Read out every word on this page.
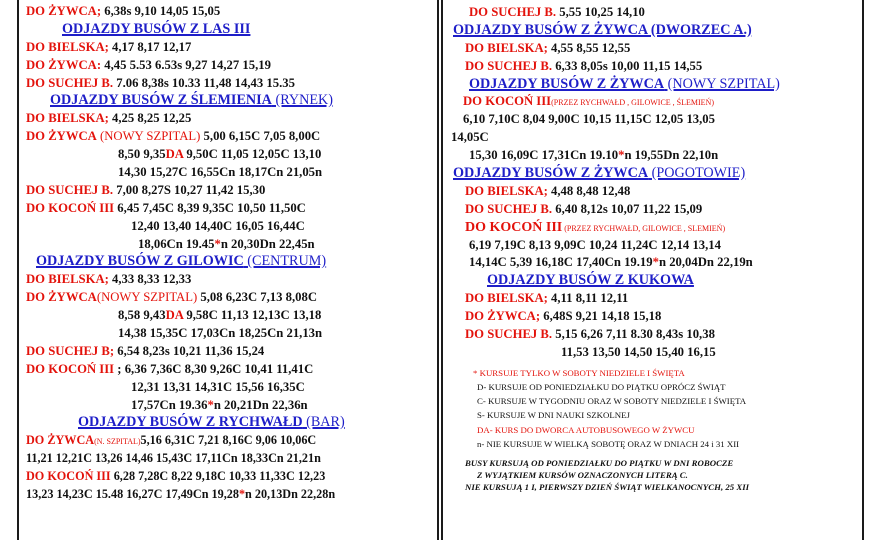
DO ŻYWCA; 6,38s 9,10 14,05 15,05
ODJAZDY BUSÓW Z LAS III
DO BIELSKA; 4,17 8,17 12,17
DO ŻYWCA: 4,45 5.53 6.53s 9,27 14,27 15,19
DO SUCHEJ B. 7.06 8,38s 10.33 11,48 14,43 15.35
ODJAZDY BUSÓW Z ŚLEMIENIA (RYNEK)
DO BIELSKA; 4,25 8,25 12,25
DO ŻYWCA (NOWY SZPITAL) 5,00 6,15C 7,05 8,00C
8,50 9,35DA 9,50C 11,05 12,05C 13,10
14,30 15,27C 16,55Cn 18,17Cn 21,05n
DO SUCHEJ B. 7,00 8,27S 10,27 11,42 15,30
DO KOCOŃ III 6,45 7,45C 8,39 9,35C 10,50 11,50C
12,40 13,40 14,40C 16,05 16,44C
18,06Cn 19.45*n 20,30Dn 22,45n
ODJAZDY BUSÓW Z GILOWIC (CENTRUM)
DO BIELSKA; 4,33 8,33 12,33
DO ŻYWCA(NOWY SZPITAL) 5,08 6,23C 7,13 8,08C
8,58 9,43DA 9,58C 11,13 12,13C 13,18
14,38 15,35C 17,03Cn 18,25Cn 21,13n
DO SUCHEJ B; 6,54 8,23s 10,21 11,36 15,24
DO KOCOŃ III ; 6,36 7,36C 8,30 9,26C 10,41 11,41C
12,31 13,31 14,31C 15,56 16,35C
17,57Cn 19.36*n 20,21Dn 22,36n
ODJAZDY BUSÓW Z RYCHWAŁD (BAR)
DO ŻYWCA(N. SZPITAL)5,16 6,31C 7,21 8,16C 9,06 10,06C
11,21 12,21C 13,26 14,46 15,43C 17,11Cn 18,33Cn 21,21n
DO KOCOŃ III 6,28 7,28C 8,22 9,18C 10,33 11,33C 12,23
13,23 14,23C 15.48 16,27C 17,49Cn 19,28*n 20,13Dn 22,28n
DO SUCHEJ B. 5,55 10,25 14,10
ODJAZDY BUSÓW Z ŻYWCA (DWORZEC A.)
DO BIELSKA; 4,55 8,55 12,55
DO SUCHEJ B. 6,33 8,05s 10,00 11,15 14,55
ODJAZDY BUSÓW Z ŻYWCA (NOWY SZPITAL)
DO KOCOŃ III(PRZEZ RYCHWAŁD , GILOWICE , ŚLEMIEŃ)
6,10 7,10C 8,04 9,00C 10,15 11,15C 12,05 13,05
14,05C
15,30 16,09C 17,31Cn 19.10*n 19,55Dn 22,10n
ODJAZDY BUSÓW Z ŻYWCA (POGOTOWIE)
DO BIELSKA; 4,48 8,48 12,48
DO SUCHEJ B. 6,40 8,12s 10,07 11,22 15,09
DO KOCOŃ III (PRZEZ RYCHWAŁD, GILOWICE , SLEMIEŃ)
6,19 7,19C 8,13 9,09C 10,24 11,24C 12,14 13,14
14,14C 5,39 16,18C 17,40Cn 19.19*n 20,04Dn 22,19n
ODJAZDY BUSÓW Z KUKOWA
DO BIELSKA; 4,11 8,11 12,11
DO ŻYWCA; 6,48S 9,21 14,18 15,18
DO SUCHEJ B. 5,15 6,26 7,11 8.30 8,43s 10,38
11,53 13,50 14,50 15,40 16,15
* KURSUJE TYLKO W SOBOTY NIEDZIELE I ŚWIĘTA
D- KURSUJE OD PONIEDZIAŁKU DO PIĄTKU OPRÓCZ ŚWIĄT
C- KURSUJE W TYGODNIU ORAZ W SOBOTY NIEDZIELE I ŚWIĘTA
S- KURSUJE W DNI NAUKI SZKOLNEJ
DA- KURS DO DWORCA AUTOBUSOWEGO W ŻYWCU
n- NIE KURSUJE W WIELKĄ SOBOTĘ ORAZ W DNIACH 24 i 31 XII
BUSY KURSUJĄ OD PONIEDZIAŁKU DO PIĄTKU W DNI ROBOCZE
Z WYJĄTKIEM KURSÓW OZNACZONYCH LITERĄ C.
NIE KURSUJĄ 1 I, PIERWSZY DZIEŃ ŚWIĄT WIELKANOCNYCH, 25 XII
